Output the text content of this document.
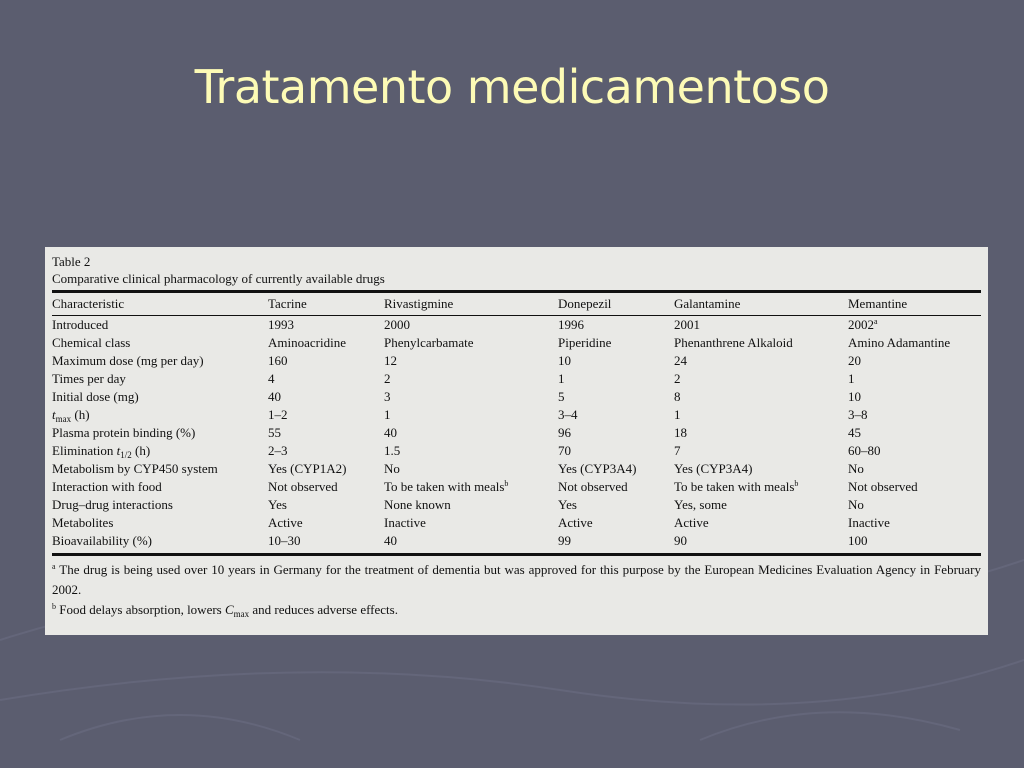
Tratamento medicamentoso
Table 2
Comparative clinical pharmacology of currently available drugs
Characteristic	Tacrine	Rivastigmine	Donepezil	Galantamine	Memantine

Introduced	1993	2000	1996	2001	2002$^a$
Chemical class	Aminoacridine	Phenylcarbamate	Piperidine	Phenanthrene Alkaloid	Amino Adamantine
Maximum dose (mg per day)	160	12	10	24	20
Times per day	4	2	1	2	1
Initial dose (mg)	40	3	5	8	10
$t_{max}$ (h)	1–2	1	3–4	1	3–8
Plasma protein binding (%)	55	40	96	18	45
Elimination $t_{1/2}$ (h)	2–3	1.5	70	7	60–80
Metabolism by CYP450 system	Yes (CYP1A2)	No	Yes (CYP3A4)	Yes (CYP3A4)	No
Interaction with food	Not observed	To be taken with meals$^b$	Not observed	To be taken with meals$^b$	Not observed
Drug–drug interactions	Yes	None known	Yes	Yes, some	No
Metabolites	Active	Inactive	Active	Active	Inactive
Bioavailability (%)	10–30	40	99	90	100

$^a$ The drug is being used over 10 years in Germany for the treatment of dementia but was approved for this purpose by the European Medicines Evaluation Agency in February 2002.

$^b$ Food delays absorption, lowers $C_{max}$ and reduces adverse effects.
